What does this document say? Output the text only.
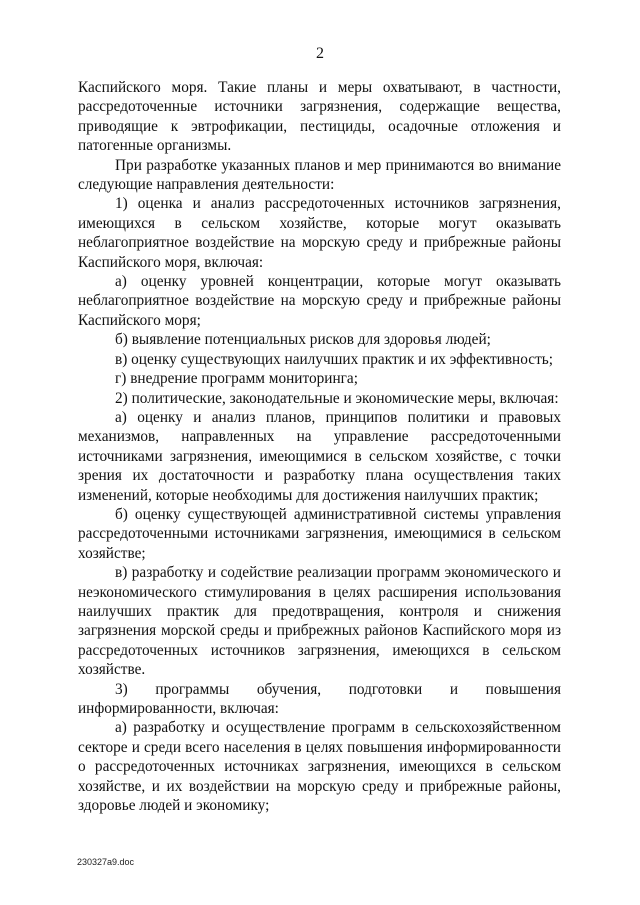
2

Каспийского моря. Такие планы и меры охватывают, в частности, рассредоточенные источники загрязнения, содержащие вещества, приводящие к эвтрофикации, пестициды, осадочные отложения и патогенные организмы.

При разработке указанных планов и мер принимаются во внимание следующие направления деятельности:

1) оценка и анализ рассредоточенных источников загрязнения, имеющихся в сельском хозяйстве, которые могут оказывать неблагоприятное воздействие на морскую среду и прибрежные районы Каспийского моря, включая:

а) оценку уровней концентрации, которые могут оказывать неблагоприятное воздействие на морскую среду и прибрежные районы Каспийского моря;

б) выявление потенциальных рисков для здоровья людей;

в) оценку существующих наилучших практик и их эффективность;

г) внедрение программ мониторинга;

2) политические, законодательные и экономические меры, включая:

а) оценку и анализ планов, принципов политики и правовых механизмов, направленных на управление рассредоточенными источниками загрязнения, имеющимися в сельском хозяйстве, с точки зрения их достаточности и разработку плана осуществления таких изменений, которые необходимы для достижения наилучших практик;

б) оценку существующей административной системы управления рассредоточенными источниками загрязнения, имеющимися в сельском хозяйстве;

в) разработку и содействие реализации программ экономического и неэкономического стимулирования в целях расширения использования наилучших практик для предотвращения, контроля и снижения загрязнения морской среды и прибрежных районов Каспийского моря из рассредоточенных источников загрязнения, имеющихся в сельском хозяйстве.

3) программы обучения, подготовки и повышения информированности, включая:

а) разработку и осуществление программ в сельскохозяйственном секторе и среди всего населения в целях повышения информированности о рассредоточенных источниках загрязнения, имеющихся в сельском хозяйстве, и их воздействии на морскую среду и прибрежные районы, здоровье людей и экономику;

230327a9.doc
